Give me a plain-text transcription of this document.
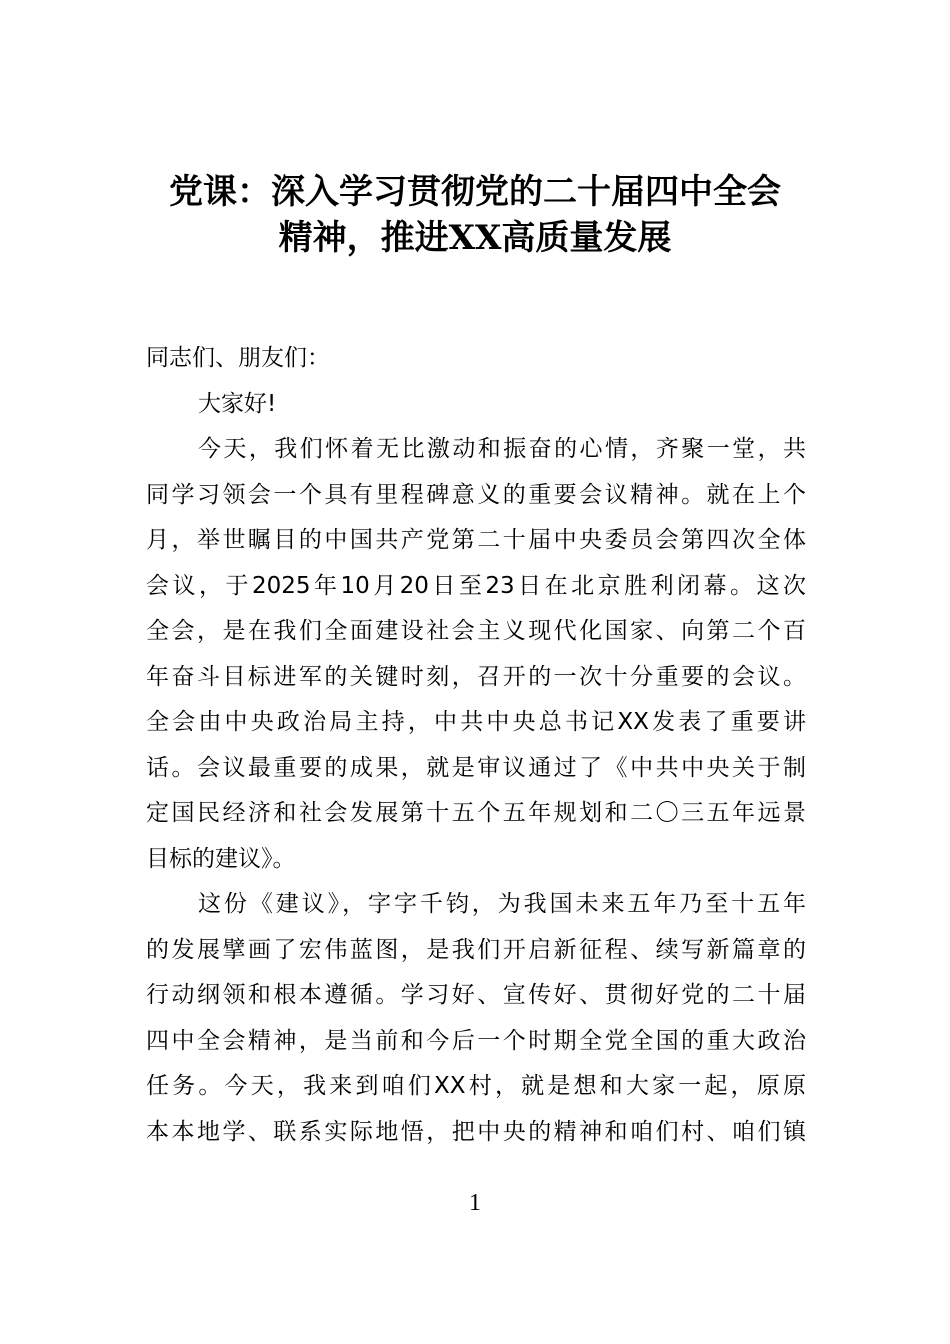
党课：深入学习贯彻党的二十届四中全会
精神，推进XX高质量发展
同志们、朋友们：
大家好!
今天，我们怀着无比激动和振奋的心情，齐聚一堂，共
同学习领会一个具有里程碑意义的重要会议精神。就在上个
月，举世瞩目的中国共产党第二十届中央委员会第四次全体
会议，于2025年10月20日至23日在北京胜利闭幕。这次
全会，是在我们全面建设社会主义现代化国家、向第二个百
年奋斗目标进军的关键时刻，召开的一次十分重要的会议。
全会由中央政治局主持，中共中央总书记XX发表了重要讲
话。会议最重要的成果，就是审议通过了《中共中央关于制
定国民经济和社会发展第十五个五年规划和二〇三五年远景
目标的建议》。
这份《建议》，字字千钧，为我国未来五年乃至十五年
的发展擘画了宏伟蓝图，是我们开启新征程、续写新篇章的
行动纲领和根本遵循。学习好、宣传好、贯彻好党的二十届
四中全会精神，是当前和今后一个时期全党全国的重大政治
任务。今天，我来到咱们XX村，就是想和大家一起，原原
本本地学、联系实际地悟，把中央的精神和咱们村、咱们镇
1
